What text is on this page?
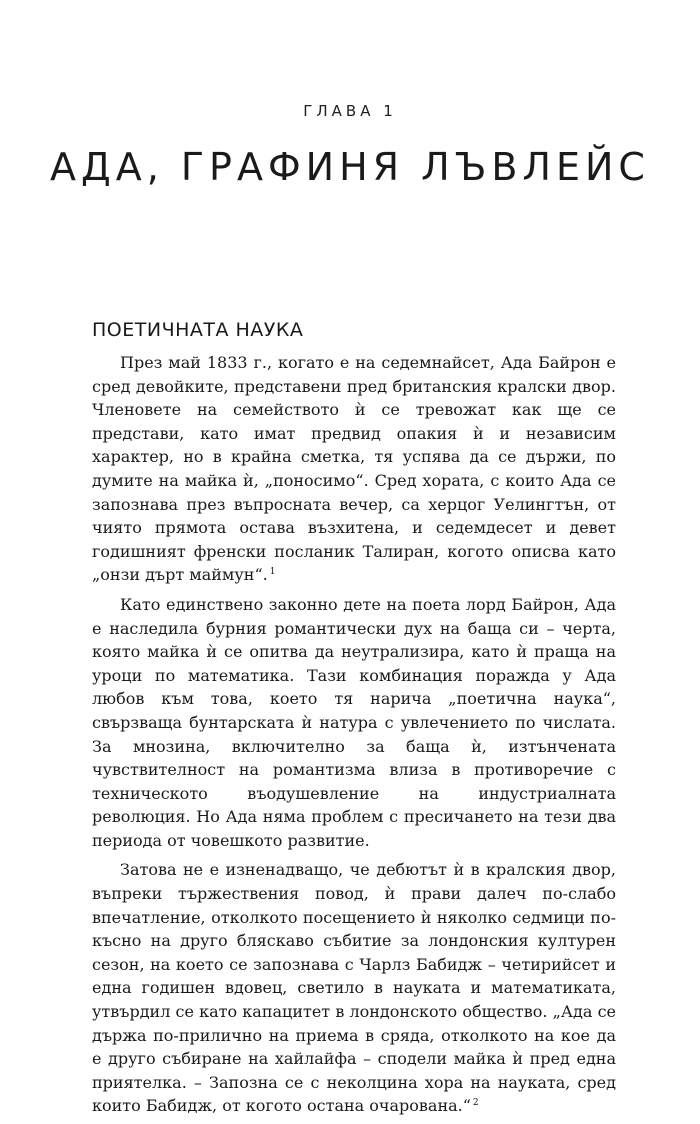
ГЛАВА 1
АДА, ГРАФИНЯ ЛЪВЛЕЙС
ПОЕТИЧНАТА НАУКА

През май 1833 г., когато е на седемнайсет, Ада Байрон е сред девойките, представени пред британския кралски двор. Членовете на семейството ѝ се тревожат как ще се представи, като имат предвид опакия ѝ и независим характер, но в крайна сметка, тя успява да се държи, по думите на майка ѝ, „поносимо“. Сред хората, с които Ада се запознава през въпросната вечер, са херцог Уелингтън, от чиято прямота остава възхитена, и седемдесет и девет годишният френски посланик Талиран, когото описва като „онзи дърт маймун“. $^1$

Като единствено законно дете на поета лорд Байрон, Ада е наследила бурния романтически дух на баща си – черта, която майка ѝ се опитва да неутрализира, като ѝ праща на уроци по математика. Тази комбинация поражда у Ада любов към това, което тя нарича „поетична наука“, свързваща бунтарската ѝ натура с увлечението по числата. За мнозина, включително за баща ѝ, изтънчената чувствителност на романтизма влиза в противоречие с техническото въодушевление на индустриалната революция. Но Ада няма проблем с пресичането на тези два периода от човешкото развитие.

Затова не е изненадващо, че дебютът ѝ в кралския двор, въпреки тържествения повод, ѝ прави далеч по-слабо впечатление, отколкото посещението ѝ няколко седмици по-късно на друго бляскаво събитие за лондонския културен сезон, на което се запознава с Чарлз Бабидж – четирийсет и една годишен вдовец, светило в науката и математиката, утвърдил се като капацитет в лондонското общество. „Ада се държа по-прилично на приема в сряда, отколкото на кое да е друго събиране на хайлайфа – сподели майка ѝ пред една приятелка. – Запозна се с неколцина хора на науката, сред които Бабидж, от когото остана очарована.“ $^2$
